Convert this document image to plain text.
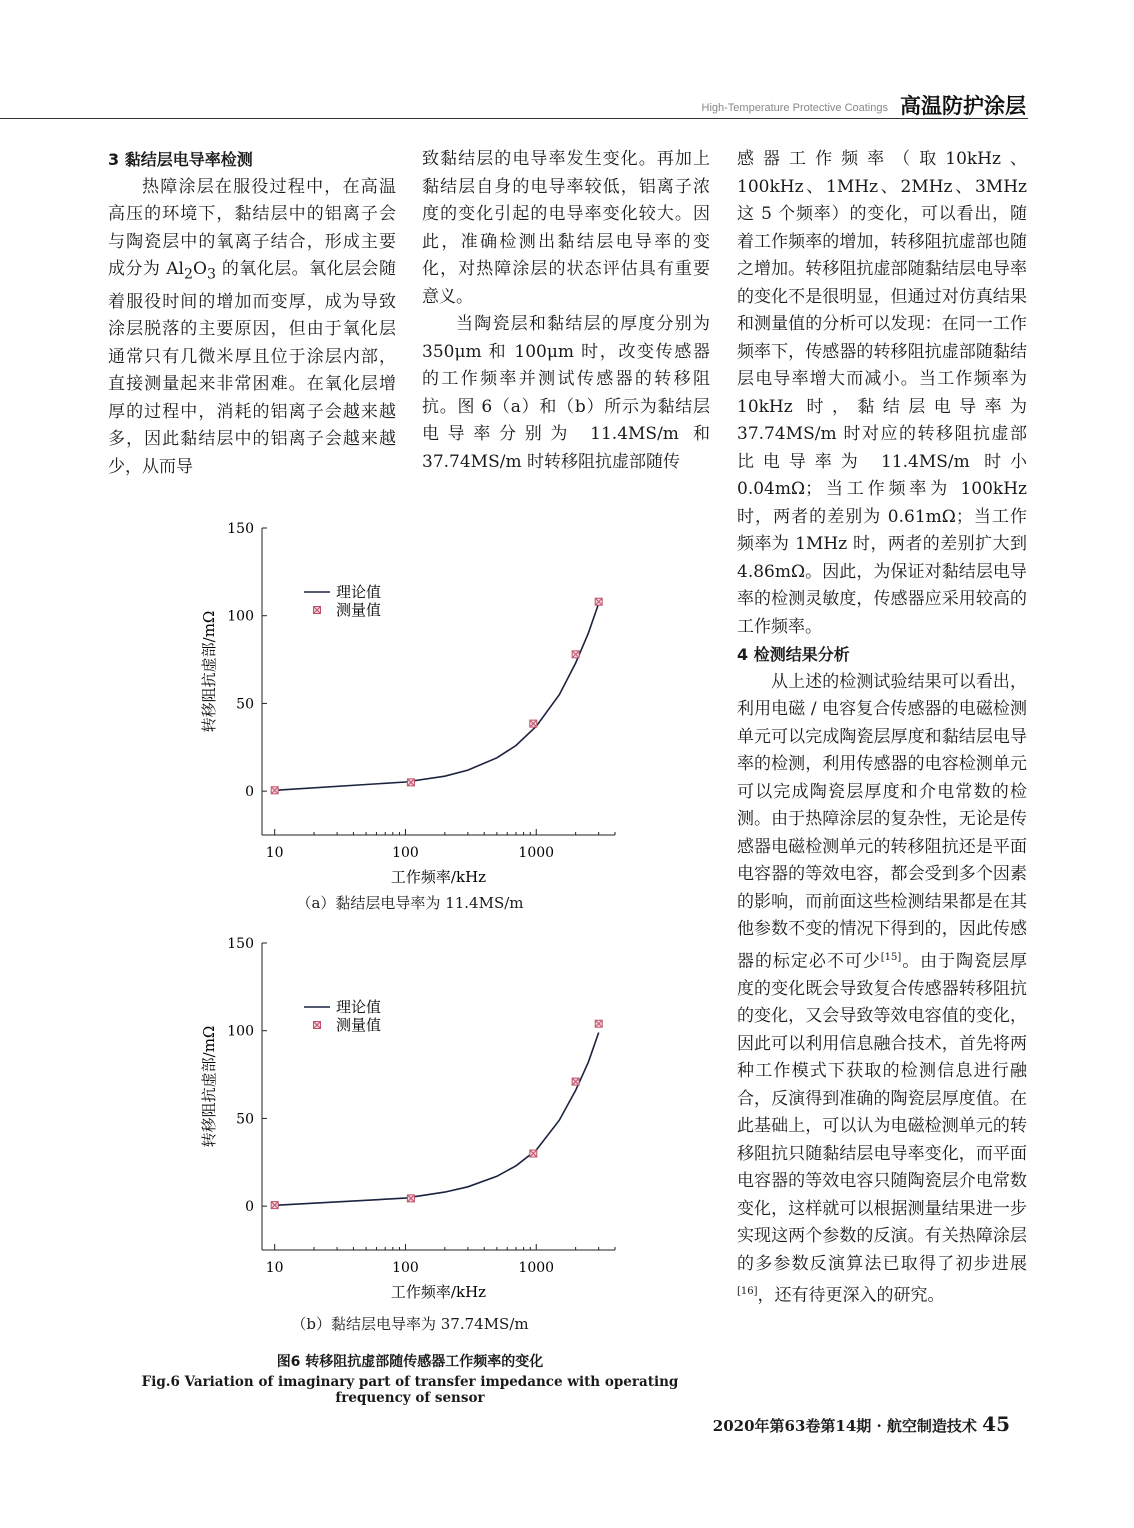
High-Temperature Protective Coatings 高温防护涂层

3 黏结层电导率检测

热障涂层在服役过程中，在高温高压的环境下，黏结层中的铝离子会与陶瓷层中的氧离子结合，形成主要成分为 $Al_2O_3$ 的氧化层。氧化层会随着服役时间的增加而变厚，成为导致涂层脱落的主要原因，但由于氧化层通常只有几微米厚且位于涂层内部，直接测量起来非常困难。在氧化层增厚的过程中，消耗的铝离子会越来越多，因此黏结层中的铝离子会越来越少，从而导

致黏结层的电导率发生变化。再加上黏结层自身的电导率较低，铝离子浓度的变化引起的电导率变化较大。因此，准确检测出黏结层电导率的变化，对热障涂层的状态评估具有重要意义。

当陶瓷层和黏结层的厚度分别为 350μm 和 100μm 时，改变传感器的工作频率并测试传感器的转移阻抗。图 6（a）和（b）所示为黏结层电导率分别为 11.4MS/m 和 37.74MS/m 时转移阻抗虚部随传

感器工作频率（取10kHz、100kHz、1MHz、2MHz、3MHz 这 5 个频率）的变化，可以看出，随着工作频率的增加，转移阻抗虚部也随之增加。转移阻抗虚部随黏结层电导率的变化不是很明显，但通过对仿真结果和测量值的分析可以发现：在同一工作频率下，传感器的转移阻抗虚部随黏结层电导率增大而减小。当工作频率为 10kHz 时，黏结层电导率为 37.74MS/m 时对应的转移阻抗虚部比电导率为 11.4MS/m 时小 0.04mΩ；当工作频率为 100kHz 时，两者的差别为 0.61mΩ；当工作频率为 1MHz 时，两者的差别扩大到 4.86mΩ。因此，为保证对黏结层电导率的检测灵敏度，传感器应采用较高的工作频率。

4 检测结果分析

从上述的检测试验结果可以看出，利用电磁 / 电容复合传感器的电磁检测单元可以完成陶瓷层厚度和黏结层电导率的检测，利用传感器的电容检测单元可以完成陶瓷层厚度和介电常数的检测。由于热障涂层的复杂性，无论是传感器电磁检测单元的转移阻抗还是平面电容器的等效电容，都会受到多个因素的影响，而前面这些检测结果都是在其他参数不变的情况下得到的，因此传感器的标定必不可少[15]。由于陶瓷层厚度的变化既会导致复合传感器转移阻抗的变化，又会导致等效电容值的变化，因此可以利用信息融合技术，首先将两种工作模式下获取的检测信息进行融合，反演得到准确的陶瓷层厚度值。在此基础上，可以认为电磁检测单元的转移阻抗只随黏结层电导率变化，而平面电容器的等效电容只随陶瓷层介电常数变化，这样就可以根据测量结果进一步实现这两个参数的反演。有关热障涂层的多参数反演算法已取得了初步进展[16]，还有待更深入的研究。

0
50
100
150
10	100	1000
工作频率/kHz
转移阻抗虚部/mΩ
理论值
测量值
（a）黏结层电导率为 11.4MS/m
0
50
100
150
10	100	1000
工作频率/kHz
转移阻抗虚部/mΩ
理论值
测量值
（b）黏结层电导率为 37.74MS/m
图6 转移阻抗虚部随传感器工作频率的变化
Fig.6 Variation of imaginary part of transfer impedance with operating frequency of sensor
2020年第63卷第14期 · 航空制造技术 45
